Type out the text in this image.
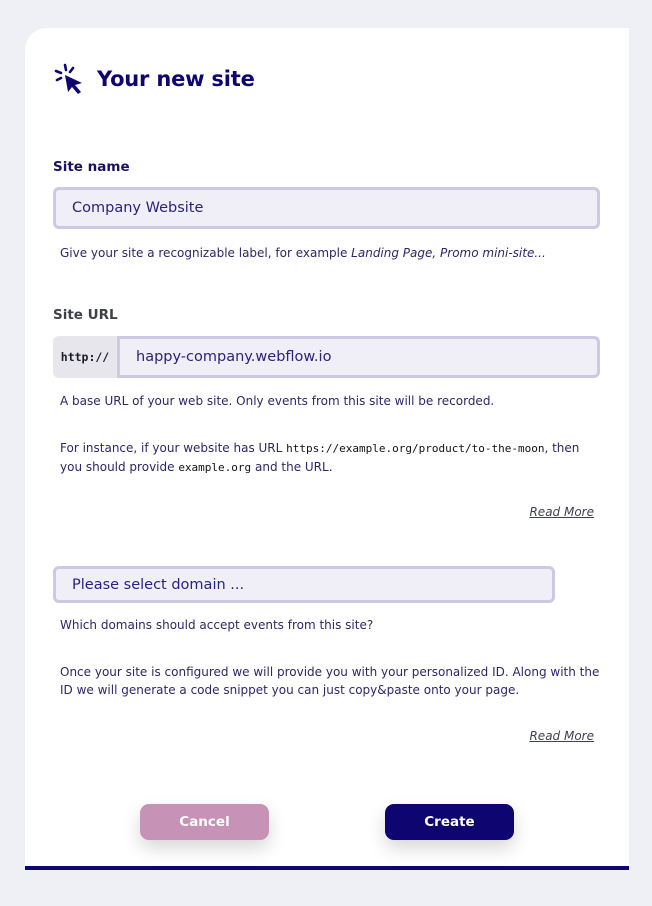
Your new site
Site name
Company Website
Give your site a recognizable label, for example Landing Page, Promo mini-site...
Site URL
http://	happy-company.webflow.io
A base URL of your web site. Only events from this site will be recorded.
For instance, if your website has URL https://example.org/product/to-the-moon, then you should provide example.org and the URL.
Read More
Please select domain ...
Which domains should accept events from this site?
Once your site is configured we will provide you with your personalized ID. Along with the ID we will generate a code snippet you can just copy&paste onto your page.
Read More
Cancel	Create
